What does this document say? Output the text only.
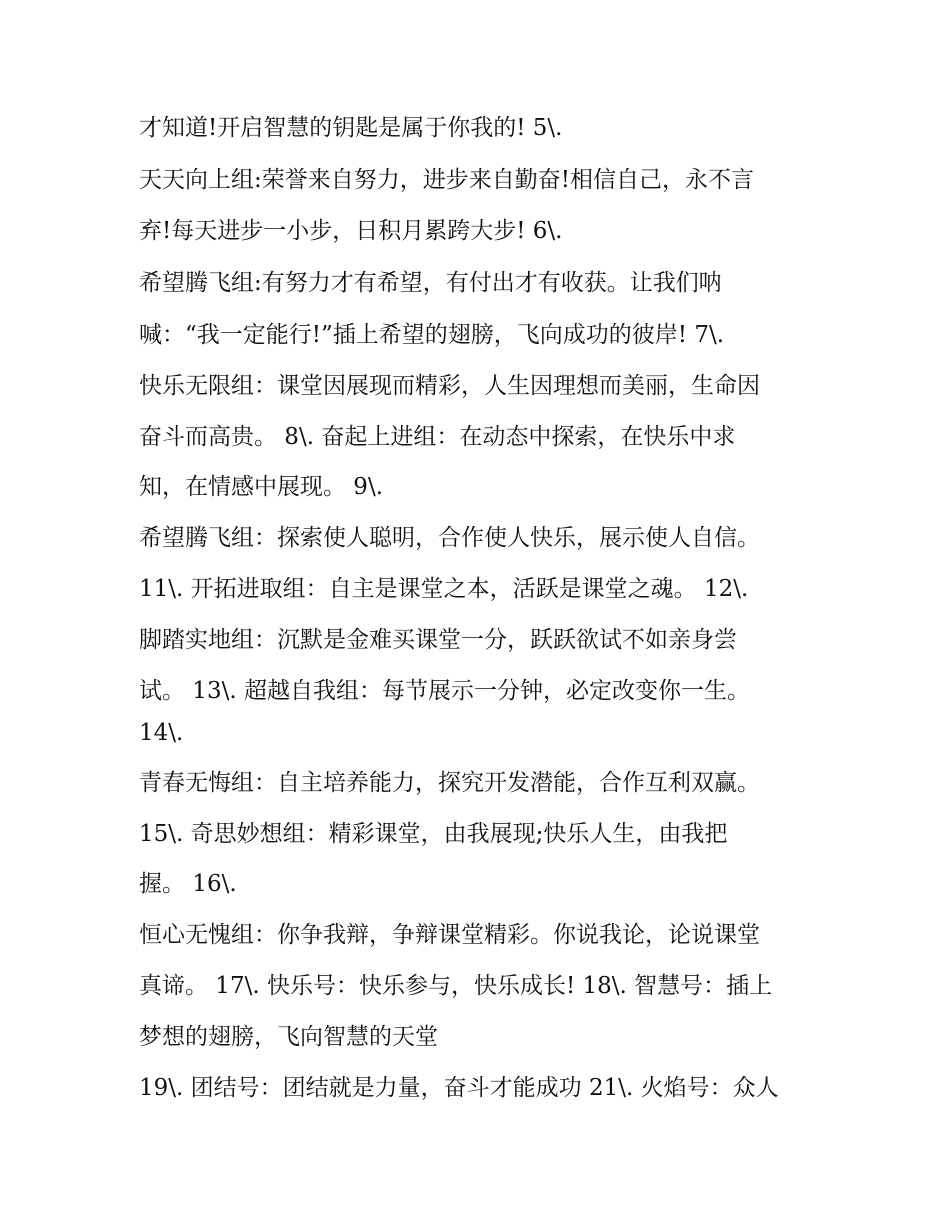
才知道!开启智慧的钥匙是属于你我的! 5\.

天天向上组:荣誉来自努力，进步来自勤奋!相信自己，永不言

弃!每天进步一小步，日积月累跨大步! 6\.

希望腾飞组:有努力才有希望，有付出才有收获。让我们呐

喊：“我一定能行!”插上希望的翅膀，飞向成功的彼岸! 7\.

快乐无限组：课堂因展现而精彩，人生因理想而美丽，生命因

奋斗而高贵。 8\. 奋起上进组：在动态中探索，在快乐中求

知，在情感中展现。 9\.

希望腾飞组：探索使人聪明，合作使人快乐，展示使人自信。

11\. 开拓进取组：自主是课堂之本，活跃是课堂之魂。 12\.

脚踏实地组：沉默是金难买课堂一分，跃跃欲试不如亲身尝

试。 13\. 超越自我组：每节展示一分钟，必定改变你一生。

14\.

青春无悔组：自主培养能力，探究开发潜能，合作互利双赢。

15\. 奇思妙想组：精彩课堂，由我展现;快乐人生，由我把

握。 16\.

恒心无愧组：你争我辩，争辩课堂精彩。你说我论，论说课堂

真谛。 17\. 快乐号：快乐参与，快乐成长! 18\. 智慧号：插上

梦想的翅膀，飞向智慧的天堂

19\. 团结号：团结就是力量，奋斗才能成功 21\. 火焰号：众人
